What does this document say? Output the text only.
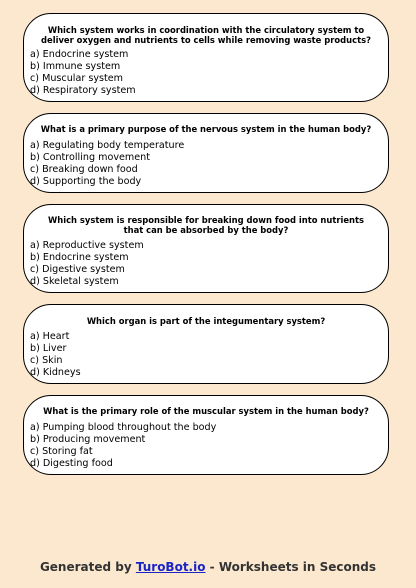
Which system works in coordination with the circulatory system to deliver oxygen and nutrients to cells while removing waste products?

a) Endocrine system
b) Immune system
c) Muscular system
d) Respiratory system

What is a primary purpose of the nervous system in the human body?

a) Regulating body temperature
b) Controlling movement
c) Breaking down food
d) Supporting the body

Which system is responsible for breaking down food into nutrients that can be absorbed by the body?

a) Reproductive system
b) Endocrine system
c) Digestive system
d) Skeletal system

Which organ is part of the integumentary system?

a) Heart
b) Liver
c) Skin
d) Kidneys

What is the primary role of the muscular system in the human body?

a) Pumping blood throughout the body
b) Producing movement
c) Storing fat
d) Digesting food
Generated by TuroBot.io - Worksheets in Seconds
